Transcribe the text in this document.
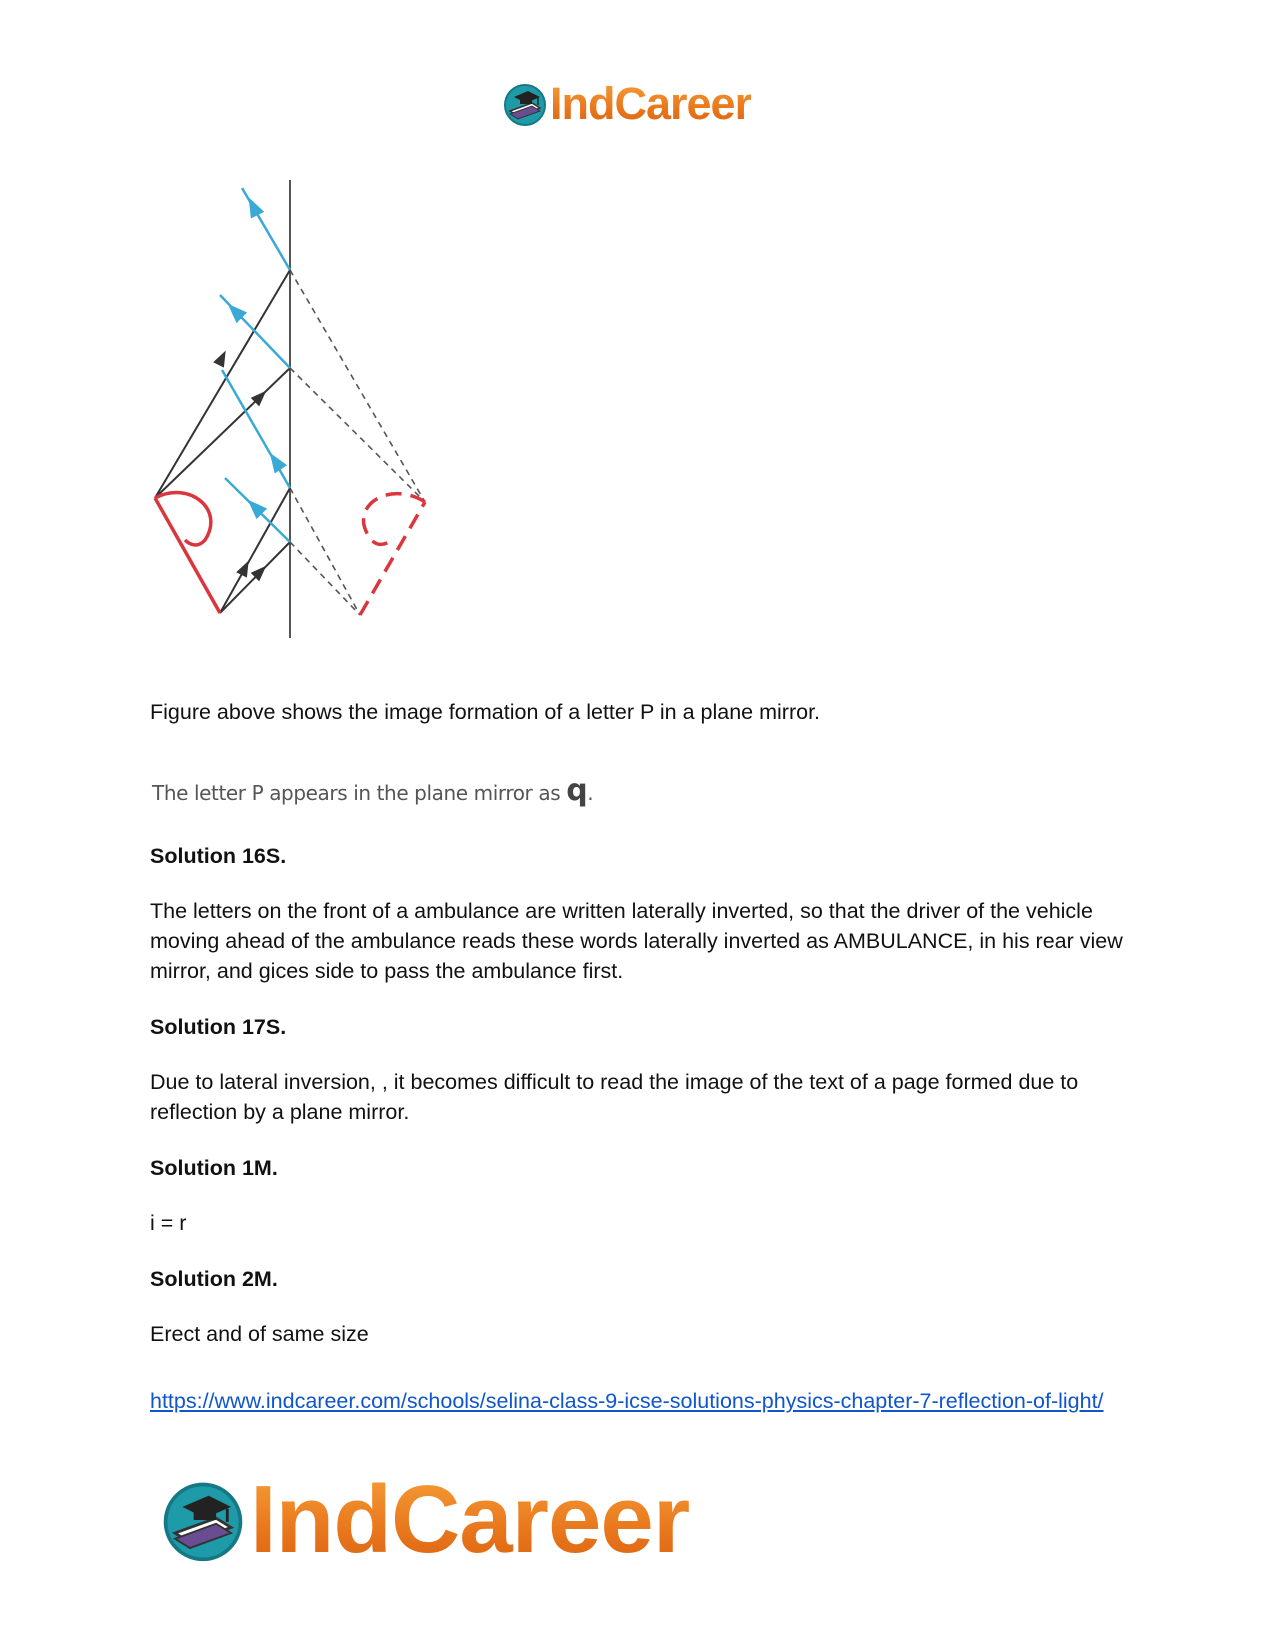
IndCareer

Figure above shows the image formation of a letter P in a plane mirror.

The letter P appears in the plane mirror as q.

Solution 16S.

The letters on the front of a ambulance are written laterally inverted, so that the driver of the vehicle moving ahead of the ambulance reads these words laterally inverted as AMBULANCE, in his rear view mirror, and gices side to pass the ambulance first.

Solution 17S.

Due to lateral inversion, , it becomes difficult to read the image of the text of a page formed due to reflection by a plane mirror.

Solution 1M.

i = r

Solution 2M.

Erect and of same size

https://www.indcareer.com/schools/selina-class-9-icse-solutions-physics-chapter-7-reflection-of-light/
IndCareer
